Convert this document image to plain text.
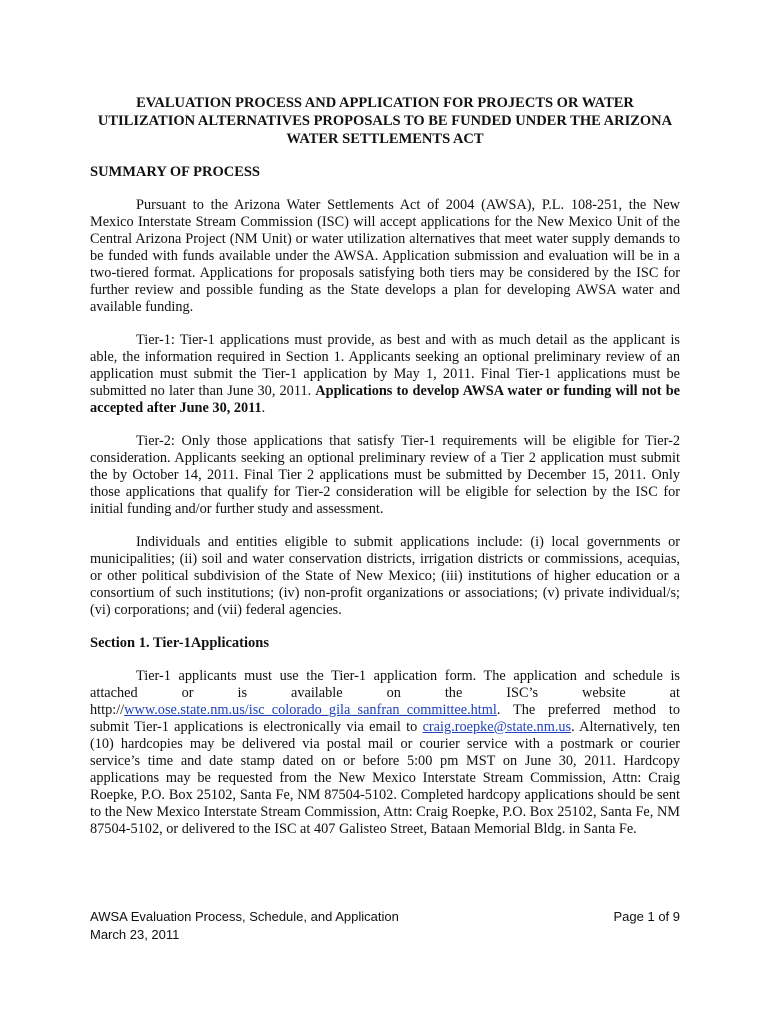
EVALUATION PROCESS AND APPLICATION FOR PROJECTS OR WATER
UTILIZATION ALTERNATIVES PROPOSALS TO BE FUNDED UNDER THE ARIZONA
WATER SETTLEMENTS ACT
SUMMARY OF PROCESS

Pursuant to the Arizona Water Settlements Act of 2004 (AWSA), P.L. 108-251, the New Mexico Interstate Stream Commission (ISC) will accept applications for the New Mexico Unit of the Central Arizona Project (NM Unit) or water utilization alternatives that meet water supply demands to be funded with funds available under the AWSA. Application submission and evaluation will be in a two-tiered format. Applications for proposals satisfying both tiers may be considered by the ISC for further review and possible funding as the State develops a plan for developing AWSA water and available funding.

Tier-1: Tier-1 applications must provide, as best and with as much detail as the applicant is able, the information required in Section 1. Applicants seeking an optional preliminary review of an application must submit the Tier-1 application by May 1, 2011. Final Tier-1 applications must be submitted no later than June 30, 2011. Applications to develop AWSA water or funding will not be accepted after June 30, 2011.

Tier-2: Only those applications that satisfy Tier-1 requirements will be eligible for Tier-2 consideration. Applicants seeking an optional preliminary review of a Tier 2 application must submit the by October 14, 2011. Final Tier 2 applications must be submitted by December 15, 2011. Only those applications that qualify for Tier-2 consideration will be eligible for selection by the ISC for initial funding and/or further study and assessment.

Individuals and entities eligible to submit applications include: (i) local governments or municipalities; (ii) soil and water conservation districts, irrigation districts or commissions, acequias, or other political subdivision of the State of New Mexico; (iii) institutions of higher education or a consortium of such institutions; (iv) non-profit organizations or associations; (v) private individual/s; (vi) corporations; and (vii) federal agencies.

Section 1. Tier-1Applications

Tier-1 applicants must use the Tier-1 application form. The application and schedule is attached or is available on the ISC’s website at http://www.ose.state.nm.us/isc_colorado_gila_sanfran_committee.html. The preferred method to submit Tier-1 applications is electronically via email to craig.roepke@state.nm.us. Alternatively, ten (10) hardcopies may be delivered via postal mail or courier service with a postmark or courier service’s time and date stamp dated on or before 5:00 pm MST on June 30, 2011. Hardcopy applications may be requested from the New Mexico Interstate Stream Commission, Attn: Craig Roepke, P.O. Box 25102, Santa Fe, NM 87504-5102. Completed hardcopy applications should be sent to the New Mexico Interstate Stream Commission, Attn: Craig Roepke, P.O. Box 25102, Santa Fe, NM 87504-5102, or delivered to the ISC at 407 Galisteo Street, Bataan Memorial Bldg. in Santa Fe.

AWSA Evaluation Process, Schedule, and Application	Page 1 of 9
March 23, 2011
